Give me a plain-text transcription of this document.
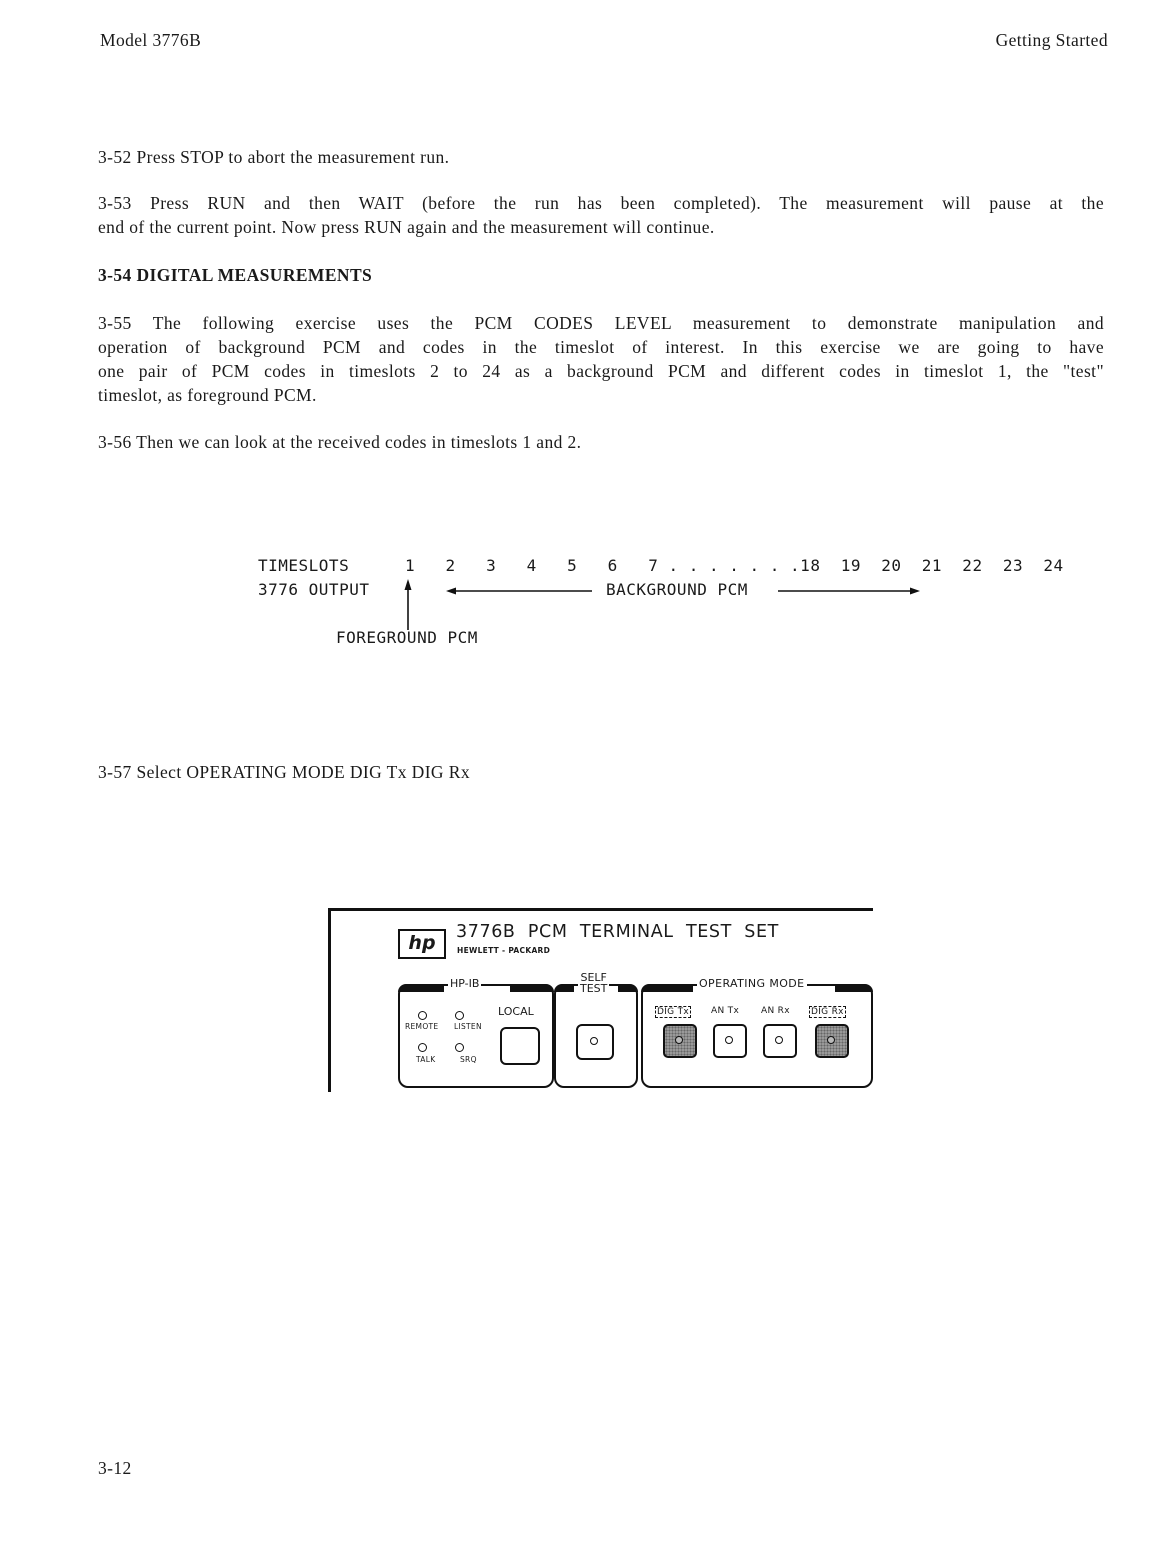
Model 3776B	Getting Started
3-52 Press STOP to abort the measurement run.
3-53 Press RUN and then WAIT (before the run has been completed). The measurement will pause at the
end of the current point. Now press RUN again and the measurement will continue.
3-54 DIGITAL MEASUREMENTS
3-55 The following exercise uses the PCM CODES LEVEL measurement to demonstrate manipulation and
operation of background PCM and codes in the timeslot of interest. In this exercise we are going to have
one pair of PCM codes in timeslots 2 to 24 as a background PCM and different codes in timeslot 1, the "test"
timeslot, as foreground PCM.
3-56 Then we can look at the received codes in timeslots 1 and 2.
TIMESLOTS	1   2   3   4   5   6   7 . . . . . . .18  19  20  21  22  23  24
3776 OUTPUT	BACKGROUND PCM
FOREGROUND PCM
3-57 Select OPERATING MODE DIG Tx DIG Rx
hp	3776B  PCM  TERMINAL  TEST  SET
HEWLETT - PACKARD
HP-IB
REMOTE LISTEN
TALK	SRQ
LOCAL
SELF
TEST	OPERATING MODE
DIG Tx AN Tx AN Rx DIG Rx
3-12
